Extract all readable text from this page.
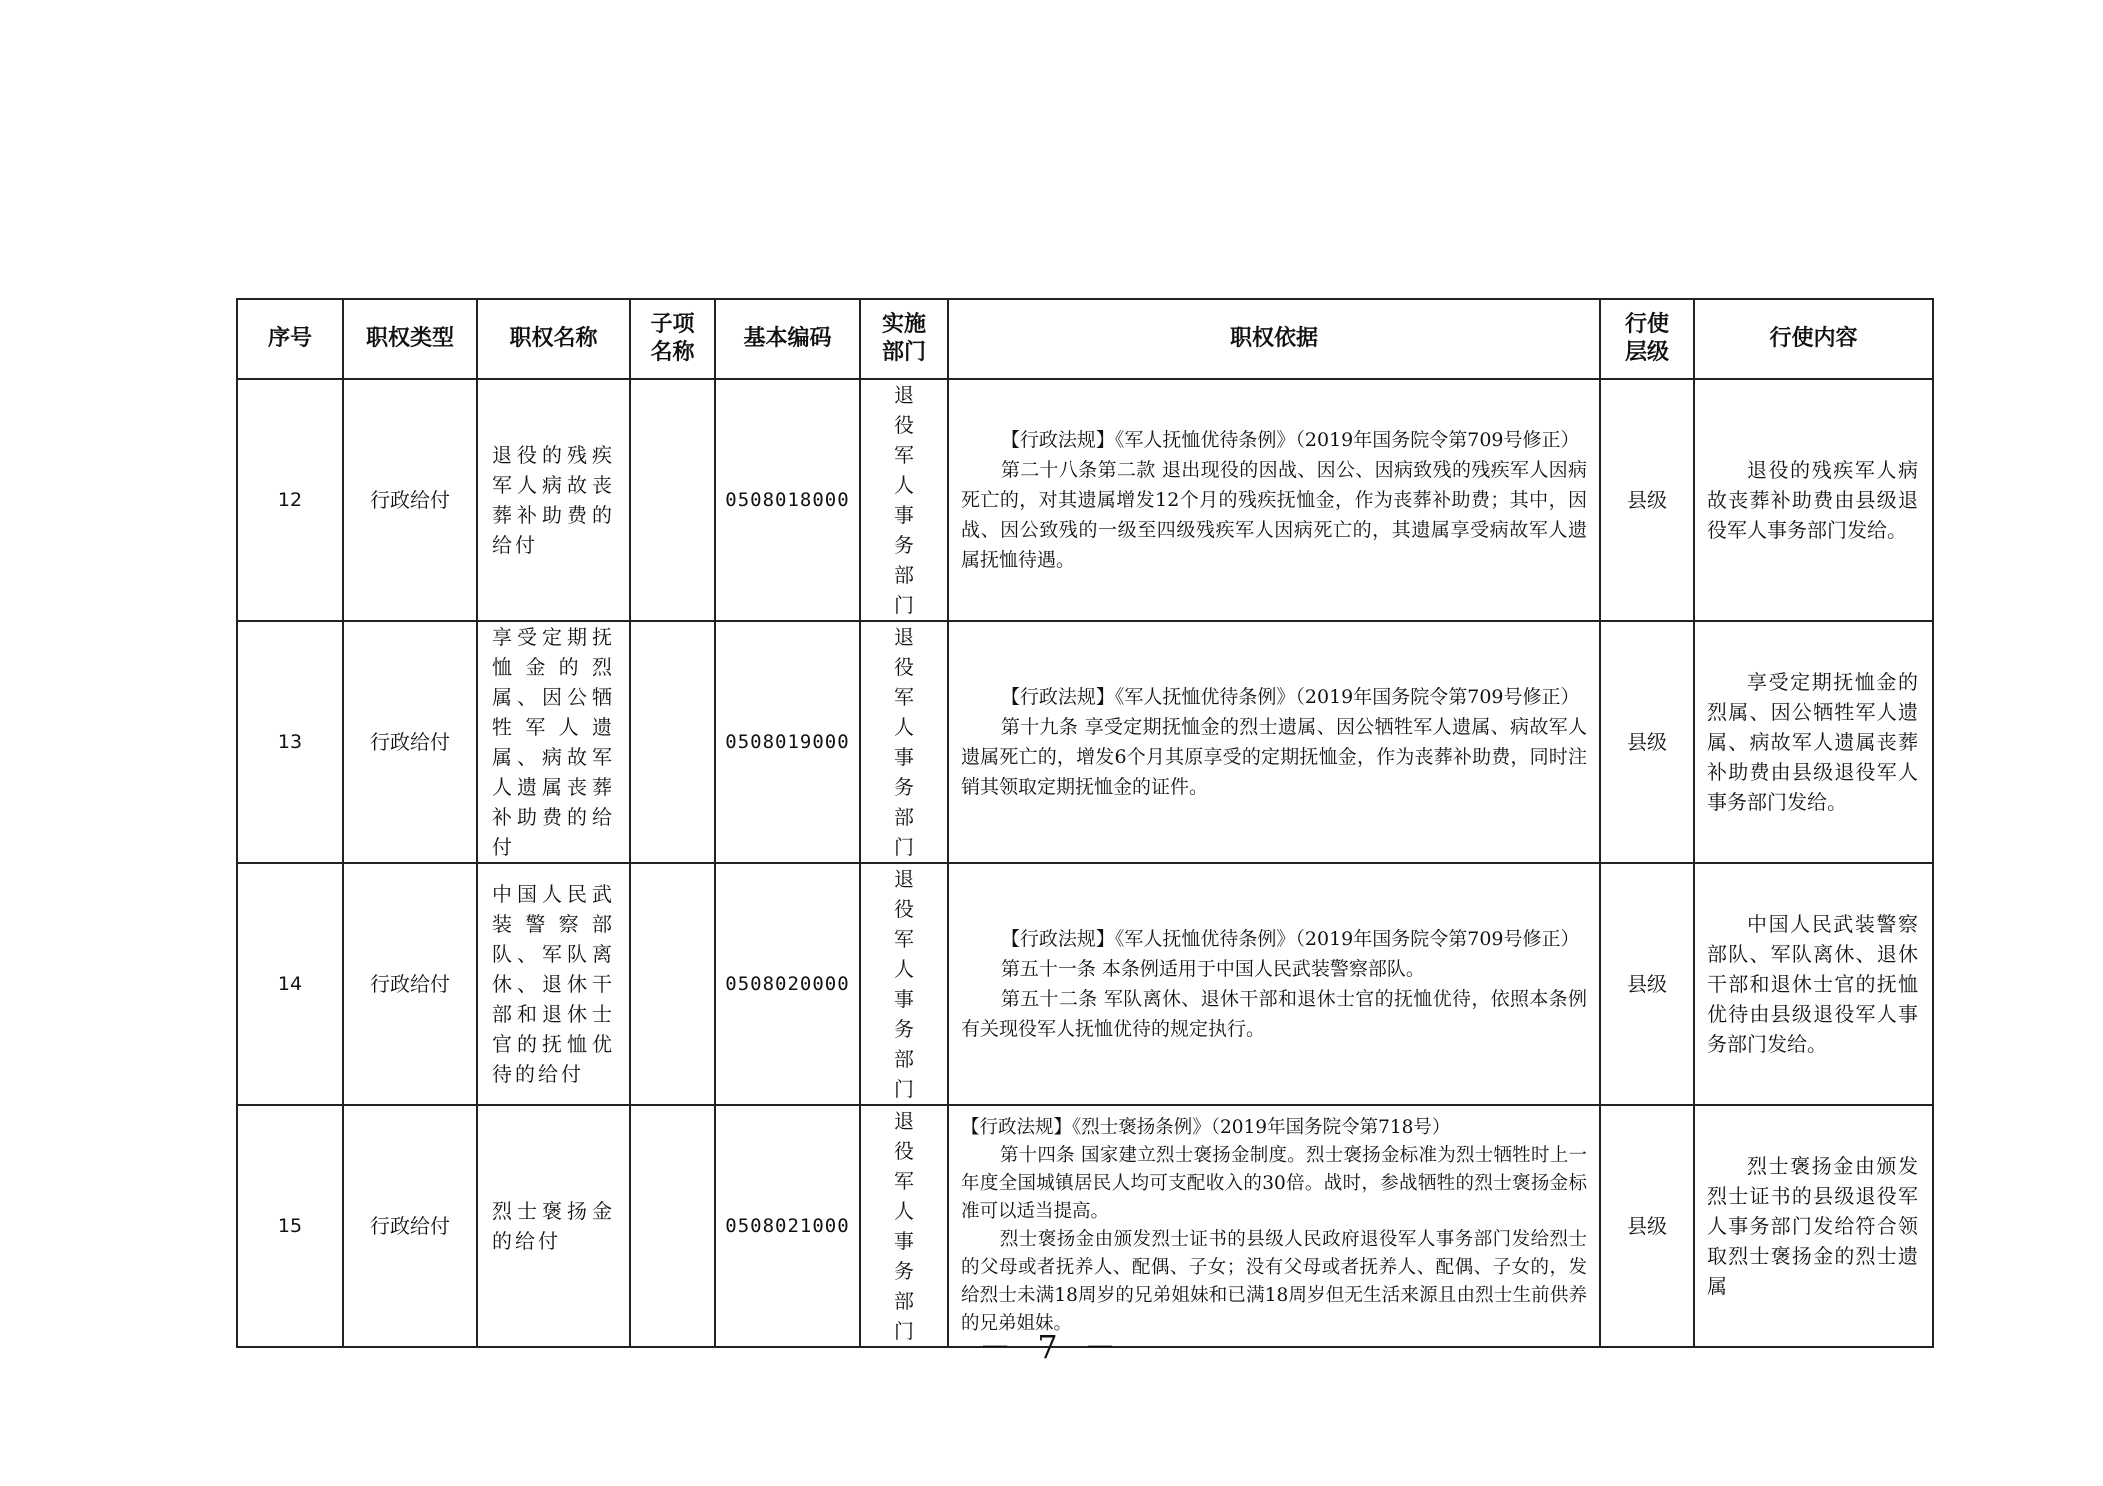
序号	职权类型	职权名称	子项名称	基本编码	实施部门	职权依据	行使层级	行使内容
12	行政给付	退役的残疾军人病故丧葬补助费的给付		0508018000	退役军人事务部门	【行政法规】《军人抚恤优待条例》（2019年国务院令第709号修正）
第二十八条第二款 退出现役的因战、因公、因病致残的残疾军人因病死亡的，对其遗属增发12个月的残疾抚恤金，作为丧葬补助费；其中，因战、因公致残的一级至四级残疾军人因病死亡的，其遗属享受病故军人遗属抚恤待遇。	县级	退役的残疾军人病故丧葬补助费由县级退役军人事务部门发给。

13	行政给付	享受定期抚恤金的烈属、因公牺牲军人遗属、病故军人遗属丧葬补助费的给付		0508019000	退役军人事务部门	【行政法规】《军人抚恤优待条例》（2019年国务院令第709号修正）
第十九条 享受定期抚恤金的烈士遗属、因公牺牲军人遗属、病故军人遗属死亡的，增发6个月其原享受的定期抚恤金，作为丧葬补助费，同时注销其领取定期抚恤金的证件。	县级	享受定期抚恤金的烈属、因公牺牲军人遗属、病故军人遗属丧葬补助费由县级退役军人事务部门发给。

14	行政给付	中国人民武装警察部队、军队离休、退休干部和退休士官的抚恤优待的给付		0508020000	退役军人事务部门	【行政法规】《军人抚恤优待条例》（2019年国务院令第709号修正）
第五十一条 本条例适用于中国人民武装警察部队。
第五十二条 军队离休、退休干部和退休士官的抚恤优待，依照本条例有关现役军人抚恤优待的规定执行。	县级	中国人民武装警察部队、军队离休、退休干部和退休士官的抚恤优待由县级退役军人事务部门发给。

15	行政给付	烈士褒扬金的给付		0508021000	退役军人事务部门	【行政法规】《烈士褒扬条例》（2019年国务院令第718号）
第十四条 国家建立烈士褒扬金制度。烈士褒扬金标准为烈士牺牲时上一年度全国城镇居民人均可支配收入的30倍。战时，参战牺牲的烈士褒扬金标准可以适当提高。
烈士褒扬金由颁发烈士证书的县级人民政府退役军人事务部门发给烈士的父母或者抚养人、配偶、子女；没有父母或者抚养人、配偶、子女的，发给烈士未满18周岁的兄弟姐妹和已满18周岁但无生活来源且由烈士生前供养的兄弟姐妹。	县级	烈士褒扬金由颁发烈士证书的县级退役军人事务部门发给符合领取烈士褒扬金的烈士遗属
－ 7 －
